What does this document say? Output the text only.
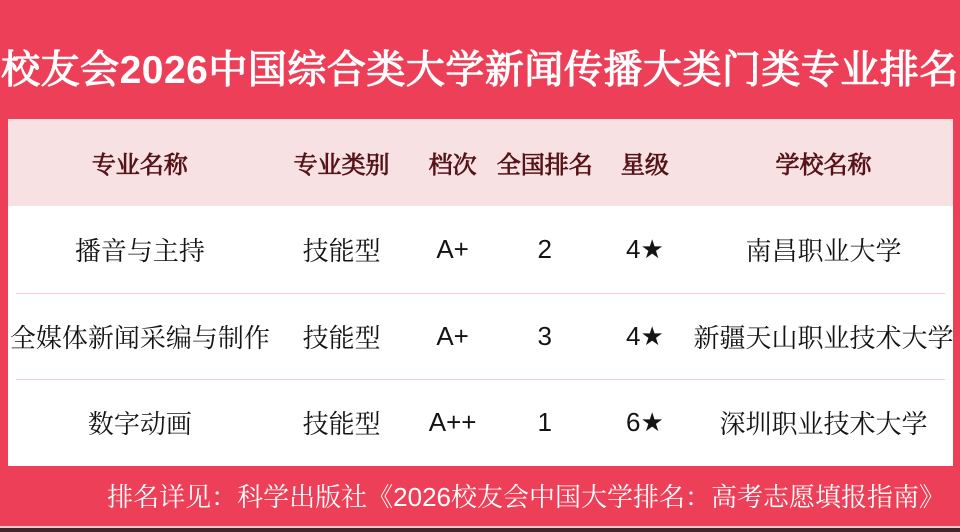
校友会2026中国综合类大学新闻传播大类门类专业排名
专业名称	专业类别	档次 全国排名	星级	学校名称
播音与主持	技能型	A+	2	4★	南昌职业大学
全媒体新闻采编与制作	技能型	A+	3	4★	新疆天山职业技术大学
数字动画	技能型	A++	1	6★	深圳职业技术大学
排名详见：科学出版社《2026校友会中国大学排名：高考志愿填报指南》
